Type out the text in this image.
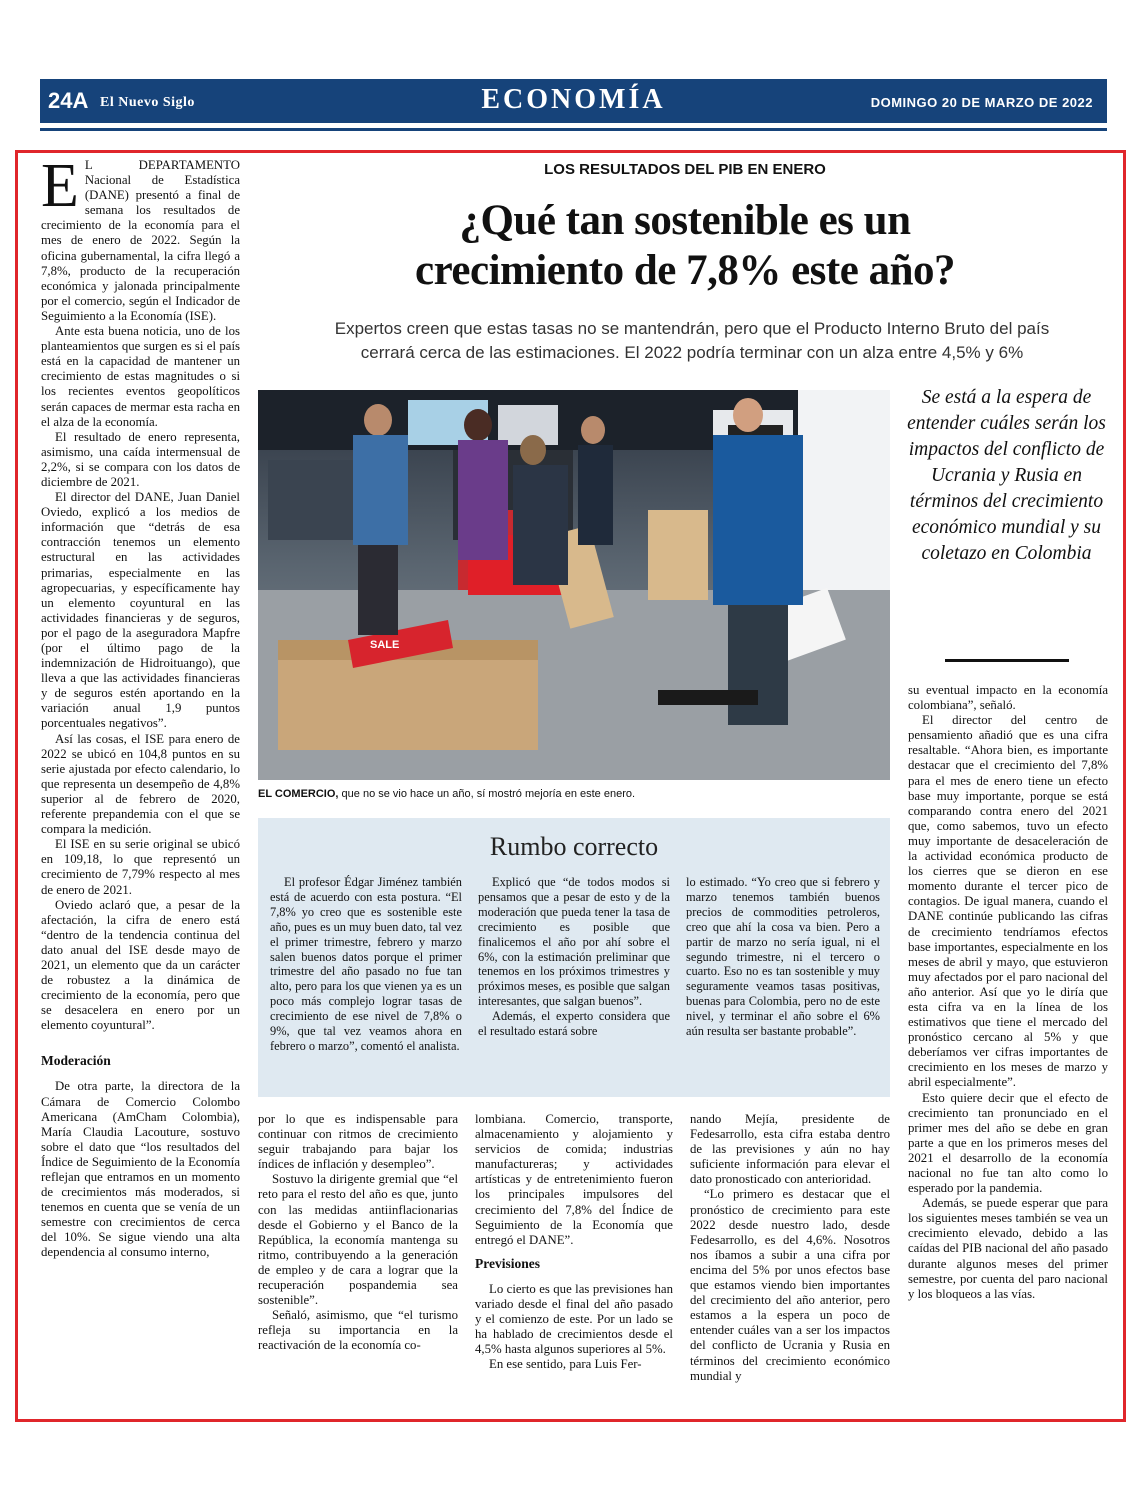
24A El Nuevo Siglo	ECONOMÍA	DOMINGO 20 DE MARZO DE 2022
LOS RESULTADOS DEL PIB EN ENERO
¿Qué tan sostenible es un
crecimiento de 7,8% este año?
Expertos creen que estas tasas no se mantendrán, pero que el Producto Interno Bruto del país
cerrará cerca de las estimaciones. El 2022 podría terminar con un alza entre 4,5% y 6%

E L DEPARTAMENTO Nacional de Estadística (DANE) presentó a final de semana los resultados de crecimiento de la economía para el mes de enero de 2022. Según la oficina gubernamental, la cifra llegó a 7,8%, producto de la recuperación económica y jalonada principalmente por el comercio, según el Indicador de Seguimiento a la Economía (ISE).

Ante esta buena noticia, uno de los planteamientos que surgen es si el país está en la capacidad de mantener un crecimiento de estas magnitudes o si los recientes eventos geopolíticos serán capaces de mermar esta racha en el alza de la economía.

El resultado de enero representa, asimismo, una caída intermensual de 2,2%, si se compara con los datos de diciembre de 2021.

El director del DANE, Juan Daniel Oviedo, explicó a los medios de información que “detrás de esa contracción tenemos un elemento estructural en las actividades primarias, especialmente en las agropecuarias, y específicamente hay un elemento coyuntural en las actividades financieras y de seguros, por el pago de la aseguradora Mapfre (por el último pago de la indemnización de Hidroituango), que lleva a que las actividades financieras y de seguros estén aportando en la variación anual 1,9 puntos porcentuales negativos”.

Así las cosas, el ISE para enero de 2022 se ubicó en 104,8 puntos en su serie ajustada por efecto calendario, lo que representa un desempeño de 4,8% superior al de febrero de 2020, referente prepandemia con el que se compara la medición.

El ISE en su serie original se ubicó en 109,18, lo que representó un crecimiento de 7,79% respecto al mes de enero de 2021.

Oviedo aclaró que, a pesar de la afectación, la cifra de enero está “dentro de la tendencia continua del dato anual del ISE desde mayo de 2021, un elemento que da un carácter de robustez a la dinámica de crecimiento de la economía, pero que se desacelera en enero por un elemento coyuntural”.

Moderación

De otra parte, la directora de la Cámara de Comercio Colombo Americana (AmCham Colombia), María Claudia Lacouture, sostuvo sobre el dato que “los resultados del Índice de Seguimiento de la Economía reflejan que entramos en un momento de crecimientos más moderados, si tenemos en cuenta que se venía de un semestre con crecimientos de cerca del 10%. Se sigue viendo una alta dependencia al consumo interno,

SALE
EL COMERCIO, que no se vio hace un año, sí mostró mejoría en este enero.
Se está a la espera de entender cuáles serán los impactos del conflicto de Ucrania y Rusia en términos del crecimiento económico mundial y su coletazo en Colombia
Rumbo correcto

El profesor Édgar Jiménez también está de acuerdo con esta postura. “El 7,8% yo creo que es sostenible este año, pues es un muy buen dato, tal vez el primer trimestre, febrero y marzo salen buenos datos porque el primer trimestre del año pasado no fue tan alto, pero para los que vienen ya es un poco más complejo lograr tasas de crecimiento de ese nivel de 7,8% o 9%, que tal vez veamos ahora en febrero o marzo”, comentó el analista.

Explicó que “de todos modos si pensamos que a pesar de esto y de la moderación que pueda tener la tasa de crecimiento es posible que finalicemos el año por ahí sobre el 6%, con la estimación preliminar que tenemos en los próximos trimestres y próximos meses, es posible que salgan interesantes, que salgan buenos”.

Además, el experto considera que el resultado estará sobre

lo estimado. “Yo creo que si febrero y marzo tenemos también buenos precios de commodities petroleros, creo que ahí la cosa va bien. Pero a partir de marzo no sería igual, ni el segundo trimestre, ni el tercero o cuarto. Eso no es tan sostenible y muy seguramente veamos tasas positivas, buenas para Colombia, pero no de este nivel, y terminar el año sobre el 6% aún resulta ser bastante probable”.

por lo que es indispensable para continuar con ritmos de crecimiento seguir trabajando para bajar los índices de inflación y desempleo”.

Sostuvo la dirigente gremial que “el reto para el resto del año es que, junto con las medidas antiinflacionarias desde el Gobierno y el Banco de la República, la economía mantenga su ritmo, contribuyendo a la generación de empleo y de cara a lograr que la recuperación pospandemia sea sostenible”.

Señaló, asimismo, que “el turismo refleja su importancia en la reactivación de la economía co-

lombiana. Comercio, transporte, almacenamiento y alojamiento y servicios de comida; industrias manufactureras; y actividades artísticas y de entretenimiento fueron los principales impulsores del crecimiento del 7,8% del Índice de Seguimiento de la Economía que entregó el DANE”.

Previsiones

Lo cierto es que las previsiones han variado desde el final del año pasado y el comienzo de este. Por un lado se ha hablado de crecimientos desde el 4,5% hasta algunos superiores al 5%.

En ese sentido, para Luis Fer-

nando Mejía, presidente de Fedesarrollo, esta cifra estaba dentro de las previsiones y aún no hay suficiente información para elevar el dato pronosticado con anterioridad.

“Lo primero es destacar que el pronóstico de crecimiento para este 2022 desde nuestro lado, desde Fedesarrollo, es del 4,6%. Nosotros nos íbamos a subir a una cifra por encima del 5% por unos efectos base que estamos viendo bien importantes del crecimiento del año anterior, pero estamos a la espera un poco de entender cuáles van a ser los impactos del conflicto de Ucrania y Rusia en términos del crecimiento económico mundial y

su eventual impacto en la economía colombiana”, señaló.

El director del centro de pensamiento añadió que es una cifra resaltable. “Ahora bien, es importante destacar que el crecimiento del 7,8% para el mes de enero tiene un efecto base muy importante, porque se está comparando contra enero del 2021 que, como sabemos, tuvo un efecto muy importante de desaceleración de la actividad económica producto de los cierres que se dieron en ese momento durante el tercer pico de contagios. De igual manera, cuando el DANE continúe publicando las cifras de crecimiento tendríamos efectos base importantes, especialmente en los meses de abril y mayo, que estuvieron muy afectados por el paro nacional del año anterior. Así que yo le diría que esta cifra va en la línea de los estimativos que tiene el mercado del pronóstico cercano al 5% y que deberíamos ver cifras importantes de crecimiento en los meses de marzo y abril especialmente”.

Esto quiere decir que el efecto de crecimiento tan pronunciado en el primer mes del año se debe en gran parte a que en los primeros meses del 2021 el desarrollo de la economía nacional no fue tan alto como lo esperado por la pandemia.

Además, se puede esperar que para los siguientes meses también se vea un crecimiento elevado, debido a las caídas del PIB nacional del año pasado durante algunos meses del primer semestre, por cuenta del paro nacional y los bloqueos a las vías.
